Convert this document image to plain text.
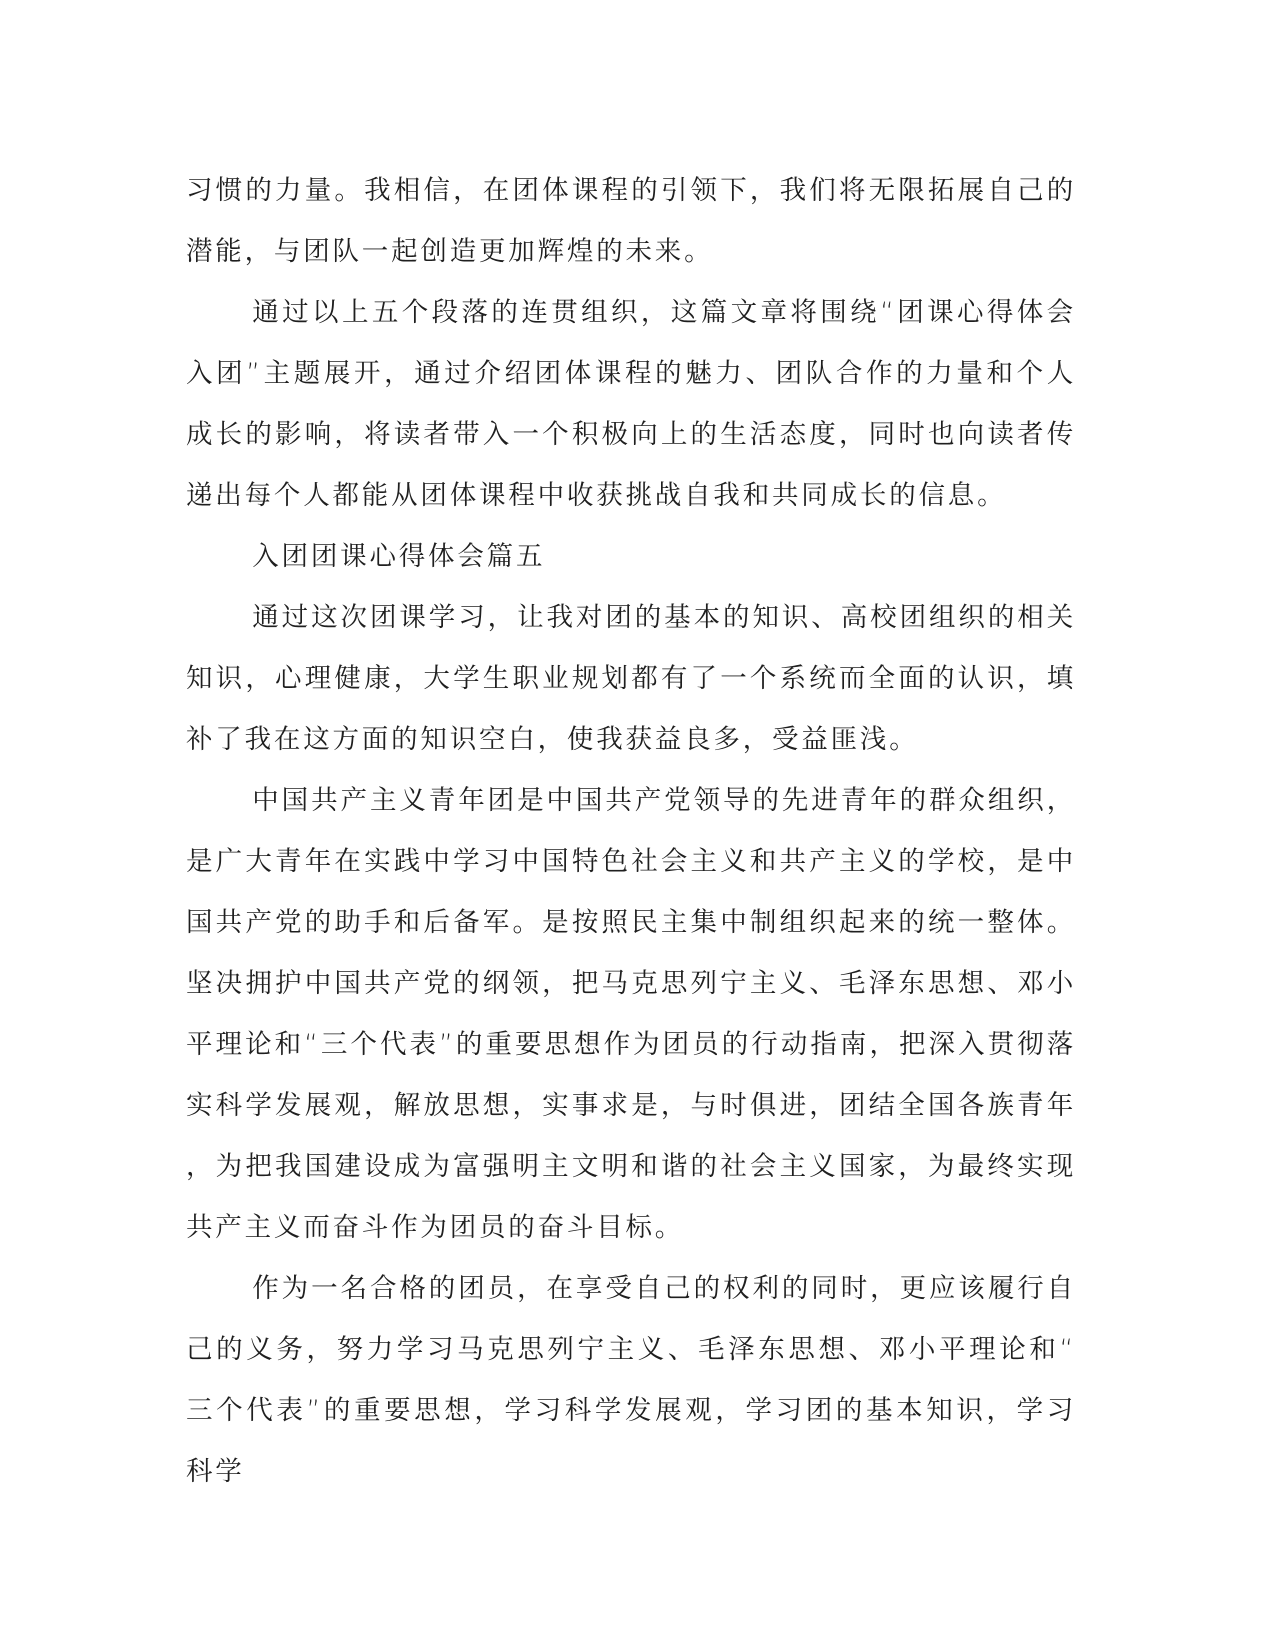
习惯的力量。我相信，在团体课程的引领下，我们将无限拓展自己的潜能，与团队一起创造更加辉煌的未来。

通过以上五个段落的连贯组织，这篇文章将围绕“团课心得体会入团”主题展开，通过介绍团体课程的魅力、团队合作的力量和个人成长的影响，将读者带入一个积极向上的生活态度，同时也向读者传递出每个人都能从团体课程中收获挑战自我和共同成长的信息。

入团团课心得体会篇五

通过这次团课学习，让我对团的基本的知识、高校团组织的相关知识，心理健康，大学生职业规划都有了一个系统而全面的认识，填补了我在这方面的知识空白，使我获益良多，受益匪浅。

中国共产主义青年团是中国共产党领导的先进青年的群众组织，是广大青年在实践中学习中国特色社会主义和共产主义的学校，是中国共产党的助手和后备军。是按照民主集中制组织起来的统一整体。坚决拥护中国共产党的纲领，把马克思列宁主义、毛泽东思想、邓小平理论和“三个代表”的重要思想作为团员的行动指南，把深入贯彻落实科学发展观，解放思想，实事求是，与时俱进，团结全国各族青年，为把我国建设成为富强明主文明和谐的社会主义国家，为最终实现共产主义而奋斗作为团员的奋斗目标。

作为一名合格的团员，在享受自己的权利的同时，更应该履行自己的义务，努力学习马克思列宁主义、毛泽东思想、邓小平理论和“三个代表”的重要思想，学习科学发展观，学习团的基本知识，学习科学
